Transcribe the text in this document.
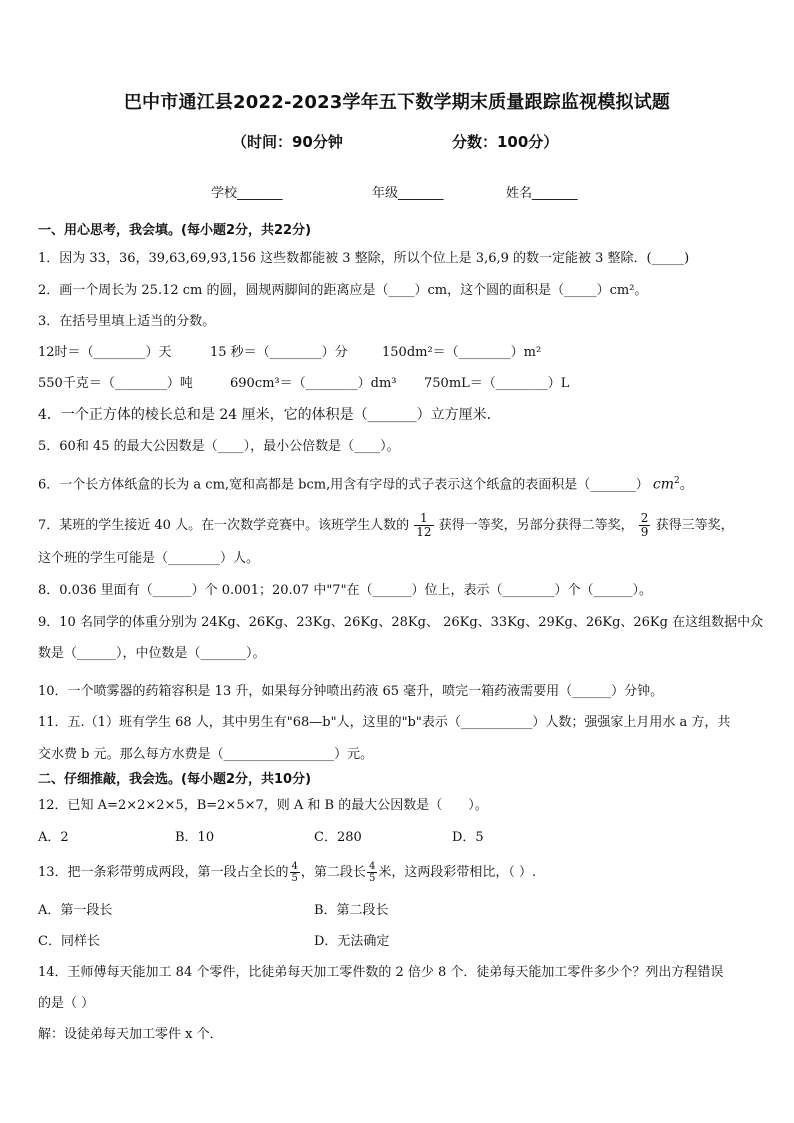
巴中市通江县2022-2023学年五下数学期末质量跟踪监视模拟试题
（时间：90分钟	分数：100分）
学校_______	年级_______	姓名_______
一、用心思考，我会填。(每小题2分，共22分)
1．因为 33，36，39,63,69,93,156 这些数都能被 3 整除，所以个位上是 3,6,9 的数一定能被 3 整除．(_____)
2．画一个周长为 25.12 cm 的圆，圆规两脚间的距离应是（____）cm，这个圆的面积是（_____）cm²。
3．在括号里填上适当的分数。
12时＝（________）天	15 秒＝（________）分	150dm²＝（________）m²
550千克＝（________）吨	690cm³＝（________）dm³ 750mL＝（________）L
4．一个正方体的棱长总和是 24 厘米，它的体积是（_______）立方厘米.
5．60和 45 的最大公因数是（____），最小公倍数是（____）。
6．一个长方体纸盒的长为 a cm,宽和高都是 bcm,用含有字母的式子表示这个纸盒的表面积是（_______） $cm^2$。
7．某班的学生接近 40 人。在一次数学竞赛中。该班学生人数的 $\frac{1}{12}$ 获得一等奖，另部分获得二等奖， $\frac{2}{9}$ 获得三等奖，
这个班的学生可能是（________）人。
8．0.036 里面有（______）个 0.001；20.07 中"7"在（______）位上，表示（________）个（______）。
9．10 名同学的体重分别为 24Kg、26Kg、23Kg、26Kg、28Kg、 26Kg、33Kg、29Kg、26Kg、26Kg 在这组数据中众
数是（______），中位数是（_______）。
10．一个喷雾器的药箱容积是 13 升，如果每分钟喷出药液 65 毫升，喷完一箱药液需要用（______）分钟。
11．五.（1）班有学生 68 人，其中男生有"68—b"人，这里的"b"表示（___________）人数；强强家上月用水 a 方，共
交水费 b 元。那么每方水费是（_________________）元。
二、仔细推敲，我会选。(每小题2分，共10分)
12．已知 A=2×2×2×5，B=2×5×7，则 A 和 B 的最大公因数是（　　）。
A．2	B．10	C．280	D．5
13．把一条彩带剪成两段，第一段占全长的 $\frac{4}{5}$ ，第二段长 $\frac{4}{5}$ 米，这两段彩带相比，（ ）.
A．第一段长	B．第二段长
C．同样长	D．无法确定
14．王师傅每天能加工 84 个零件，比徒弟每天加工零件数的 2 倍少 8 个．徒弟每天能加工零件多少个？列出方程错误
的是（ ）
解：设徒弟每天加工零件 x 个．
